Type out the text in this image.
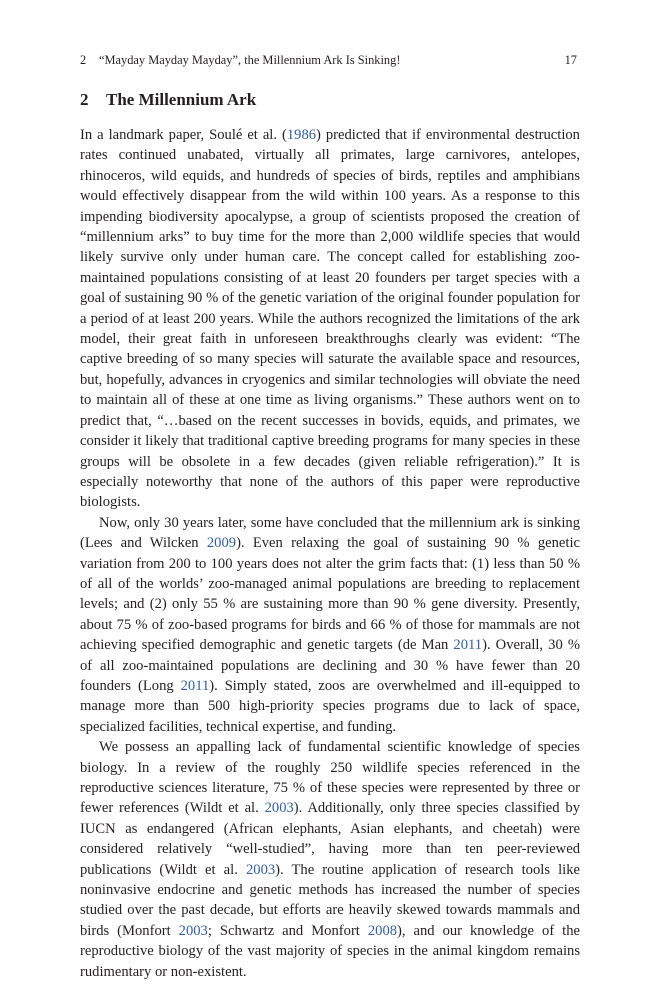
2 “Mayday Mayday Mayday”, the Millennium Ark Is Sinking!	17
2 The Millennium Ark

In a landmark paper, Soulé et al. (1986) predicted that if environmental destruction rates continued unabated, virtually all primates, large carnivores, antelopes, rhinoceros, wild equids, and hundreds of species of birds, reptiles and amphibians would effectively disappear from the wild within 100 years. As a response to this impending biodiversity apocalypse, a group of scientists proposed the creation of “millennium arks” to buy time for the more than 2,000 wildlife species that would likely survive only under human care. The concept called for establishing zoo-maintained populations consisting of at least 20 founders per target species with a goal of sustaining 90 % of the genetic variation of the original founder population for a period of at least 200 years. While the authors recognized the limitations of the ark model, their great faith in unforeseen breakthroughs clearly was evident: “The captive breeding of so many species will saturate the available space and resources, but, hopefully, advances in cryogenics and similar technologies will obviate the need to maintain all of these at one time as living organisms.” These authors went on to predict that, “…based on the recent successes in bovids, equids, and primates, we consider it likely that traditional captive breeding programs for many species in these groups will be obsolete in a few decades (given reliable refrigeration).” It is especially noteworthy that none of the authors of this paper were reproductive biologists.

Now, only 30 years later, some have concluded that the millennium ark is sinking (Lees and Wilcken 2009). Even relaxing the goal of sustaining 90 % genetic variation from 200 to 100 years does not alter the grim facts that: (1) less than 50 % of all of the worlds’ zoo-managed animal populations are breeding to replacement levels; and (2) only 55 % are sustaining more than 90 % gene diversity. Presently, about 75 % of zoo-based programs for birds and 66 % of those for mammals are not achieving specified demographic and genetic targets (de Man 2011). Overall, 30 % of all zoo-maintained populations are declining and 30 % have fewer than 20 founders (Long 2011). Simply stated, zoos are overwhelmed and ill-equipped to manage more than 500 high-priority species programs due to lack of space, specialized facilities, technical expertise, and funding.

We possess an appalling lack of fundamental scientific knowledge of species biology. In a review of the roughly 250 wildlife species referenced in the reproductive sciences literature, 75 % of these species were represented by three or fewer references (Wildt et al. 2003). Additionally, only three species classified by IUCN as endangered (African elephants, Asian elephants, and cheetah) were considered relatively “well-studied”, having more than ten peer-reviewed publications (Wildt et al. 2003). The routine application of research tools like noninvasive endocrine and genetic methods has increased the number of species studied over the past decade, but efforts are heavily skewed towards mammals and birds (Monfort 2003; Schwartz and Monfort 2008), and our knowledge of the reproductive biology of the vast majority of species in the animal kingdom remains rudimentary or non-existent.
